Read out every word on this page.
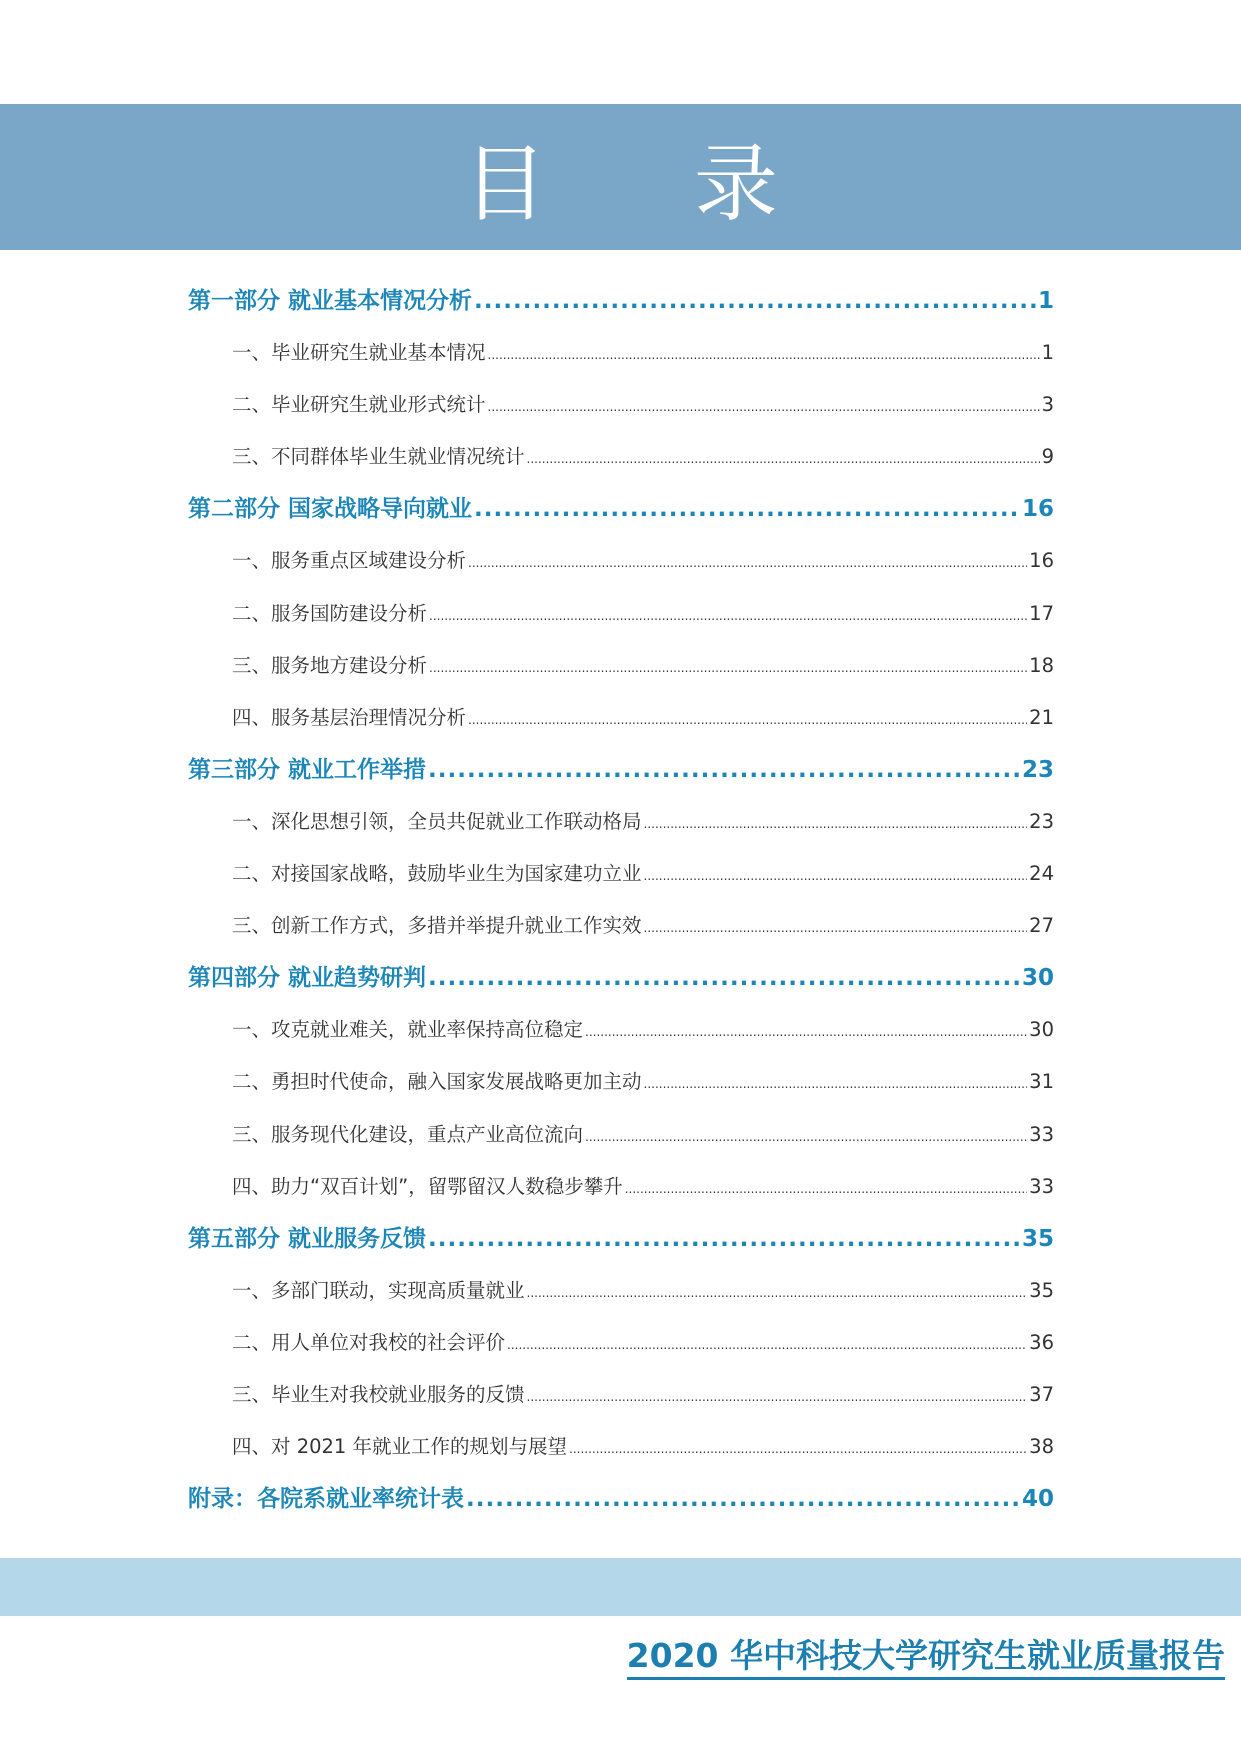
目 录
第一部分 就业基本情况分析 .....	1
一、毕业研究生就业基本情况 .....	1
二、毕业研究生就业形式统计 .....	3
三、不同群体毕业生就业情况统计 .....	9
第二部分 国家战略导向就业 .....	16
一、服务重点区域建设分析 .....	16
二、服务国防建设分析 .....	17
三、服务地方建设分析 .....	18
四、服务基层治理情况分析 .....	21
第三部分 就业工作举措 .....	23
一、深化思想引领，全员共促就业工作联动格局 .....	23
二、对接国家战略，鼓励毕业生为国家建功立业 .....	24
三、创新工作方式，多措并举提升就业工作实效 .....	27
第四部分 就业趋势研判 .....	30
一、攻克就业难关，就业率保持高位稳定 .....	30
二、勇担时代使命，融入国家发展战略更加主动 .....	31
三、服务现代化建设，重点产业高位流向 .....	33
四、助力“双百计划”，留鄂留汉人数稳步攀升 .....	33
第五部分 就业服务反馈 .....	35
一、多部门联动，实现高质量就业 .....	35
二、用人单位对我校的社会评价 .....	36
三、毕业生对我校就业服务的反馈 .....	37
四、对 2021 年就业工作的规划与展望 .....	38
附录：各院系就业率统计表 .....	40
2020 华中科技大学研究生就业质量报告
